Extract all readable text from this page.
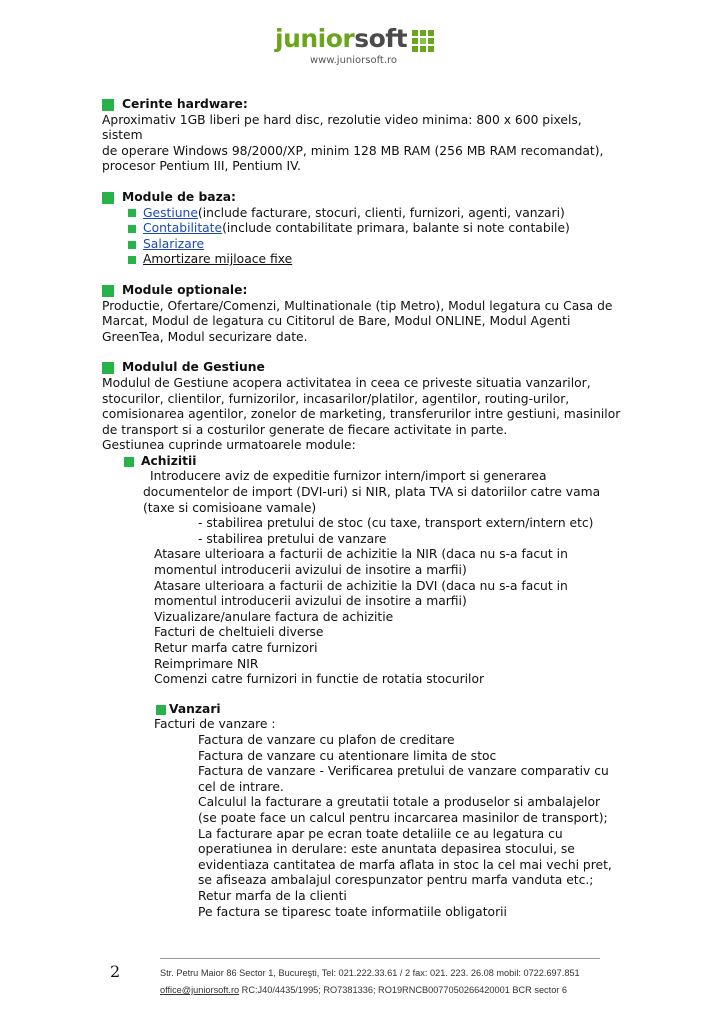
juniorsoft
www.juniorsoft.ro
Cerinte hardware:
Aproximativ 1GB liberi pe hard disc, rezolutie video minima: 800 x 600 pixels, sistem
de operare Windows 98/2000/XP, minim 128 MB RAM (256 MB RAM recomandat),
procesor Pentium III, Pentium IV.
Module de baza:
Gestiune (include facturare, stocuri, clienti, furnizori, agenti, vanzari)
Contabilitate (include contabilitate primara, balante si note contabile)
Salarizare
Amortizare mijloace fixe
Module optionale:
Productie, Ofertare/Comenzi, Multinationale (tip Metro), Modul legatura cu Casa de
Marcat, Modul de legatura cu Cititorul de Bare, Modul ONLINE, Modul Agenti
GreenTea, Modul securizare date.
Modulul de Gestiune
Modulul de Gestiune acopera activitatea in ceea ce priveste situatia vanzarilor,
stocurilor, clientilor, furnizorilor, incasarilor/platilor, agentilor, routing-urilor,
comisionarea agentilor, zonelor de marketing, transferurilor intre gestiuni, masinilor
de transport si a costurilor generate de fiecare activitate in parte.
Gestiunea cuprinde urmatoarele module:
Achizitii
Introducere aviz de expeditie furnizor intern/import si generarea
documentelor de import (DVI-uri) si NIR, plata TVA si datoriilor catre vama
(taxe si comisioane vamale)
- stabilirea pretului de stoc (cu taxe, transport extern/intern etc)
- stabilirea pretului de vanzare
Atasare ulterioara a facturii de achizitie la NIR (daca nu s-a facut in
momentul introducerii avizului de insotire a marfii)
Atasare ulterioara a facturii de achizitie la DVI (daca nu s-a facut in
momentul introducerii avizului de insotire a marfii)
Vizualizare/anulare factura de achizitie
Facturi de cheltuieli diverse
Retur marfa catre furnizori
Reimprimare NIR
Comenzi catre furnizori in functie de rotatia stocurilor
Vanzari
Facturi de vanzare :
Factura de vanzare cu plafon de creditare
Factura de vanzare cu atentionare limita de stoc
Factura de vanzare - Verificarea pretului de vanzare comparativ cu
cel de intrare.
Calculul la facturare a greutatii totale a produselor si ambalajelor
(se poate face un calcul pentru incarcarea masinilor de transport);
La facturare apar pe ecran toate detaliile ce au legatura cu
operatiunea in derulare: este anuntata depasirea stocului, se
evidentiaza cantitatea de marfa aflata in stoc la cel mai vechi pret,
se afiseaza ambalajul corespunzator pentru marfa vanduta etc.;
Retur marfa de la clienti
Pe factura se tiparesc toate informatiile obligatorii
2	Str. Petru Maior 86 Sector 1, Bucureşti, Tel: 021.222.33.61 / 2 fax: 021. 223. 26.08 mobil: 0722.697.851
office@juniorsoft.ro RC:J40/4435/1995; RO7381336; RO19RNCB0077050266420001 BCR sector 6
